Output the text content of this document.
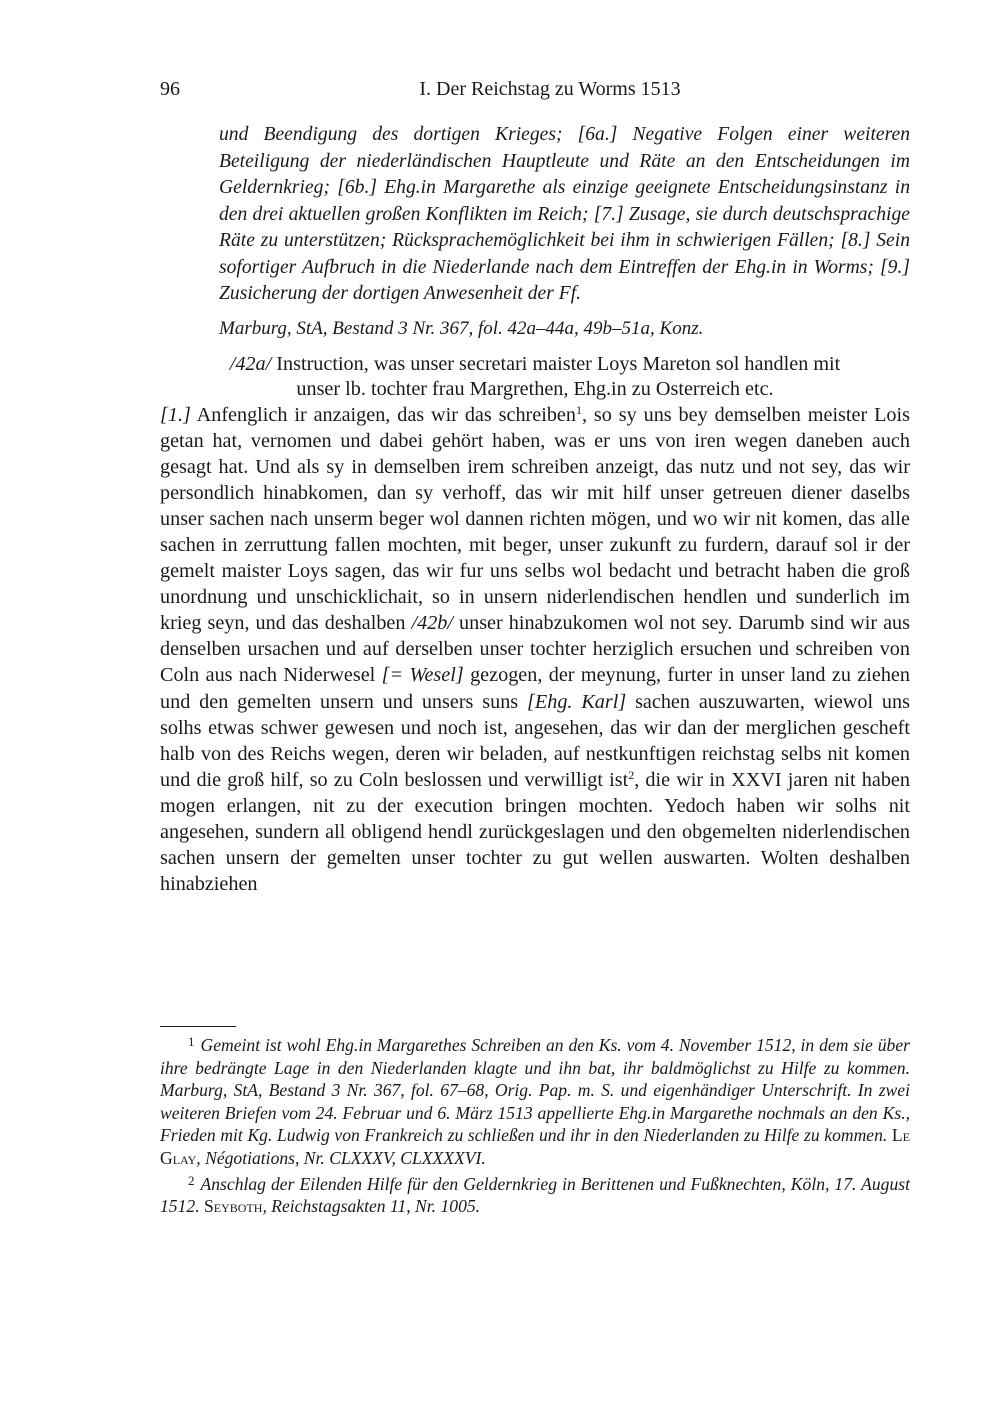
96	I. Der Reichstag zu Worms 1513
und Beendigung des dortigen Krieges; [6a.] Negative Folgen einer weiteren Beteiligung der niederländischen Hauptleute und Räte an den Entscheidungen im Geldernkrieg; [6b.] Ehg.in Margarethe als einzige geeignete Entscheidungsinstanz in den drei aktuellen großen Konflikten im Reich; [7.] Zusage, sie durch deutschsprachige Räte zu unterstützen; Rücksprachemöglichkeit bei ihm in schwierigen Fällen; [8.] Sein sofortiger Aufbruch in die Niederlande nach dem Eintreffen der Ehg.in in Worms; [9.] Zusicherung der dortigen Anwesenheit der Ff.
Marburg, StA, Bestand 3 Nr. 367, fol. 42a–44a, 49b–51a, Konz.
/42a/ Instruction, was unser secretari maister Loys Mareton sol handlen mit
unser lb. tochter frau Margrethen, Ehg.in zu Osterreich etc.
[1.] Anfenglich ir anzaigen, das wir das schreiben$^1$, so sy uns bey demselben meister Lois getan hat, vernomen und dabei gehört haben, was er uns von iren wegen daneben auch gesagt hat. Und als sy in demselben irem schreiben anzeigt, das nutz und not sey, das wir persondlich hinabkomen, dan sy verhoff, das wir mit hilf unser getreuen diener daselbs unser sachen nach unserm beger wol dannen richten mögen, und wo wir nit komen, das alle sachen in zerruttung fallen mochten, mit beger, unser zukunft zu furdern, darauf sol ir der gemelt maister Loys sagen, das wir fur uns selbs wol bedacht und betracht haben die groß unordnung und unschicklichait, so in unsern niderlendischen hendlen und sunderlich im krieg seyn, und das deshalben /42b/ unser hinabzukomen wol not sey. Darumb sind wir aus denselben ursachen und auf derselben unser tochter herziglich ersuchen und schreiben von Coln aus nach Niderwesel [= Wesel] gezogen, der meynung, furter in unser land zu ziehen und den gemelten unsern und unsers suns [Ehg. Karl] sachen auszuwarten, wiewol uns solhs etwas schwer gewesen und noch ist, angesehen, das wir dan der merglichen gescheft halb von des Reichs wegen, deren wir beladen, auf nestkunftigen reichstag selbs nit komen und die groß hilf, so zu Coln beslossen und verwilligt ist$^2$, die wir in XXVI jaren nit haben mogen erlangen, nit zu der execution bringen mochten. Yedoch haben wir solhs nit angesehen, sundern all obligend hendl zurückgeslagen und den obgemelten niderlendischen sachen unsern der gemelten unser tochter zu gut wellen auswarten. Wolten deshalben hinabziehen
$^1$ Gemeint ist wohl Ehg.in Margarethes Schreiben an den Ks. vom 4. November 1512, in dem sie über ihre bedrängte Lage in den Niederlanden klagte und ihn bat, ihr baldmöglichst zu Hilfe zu kommen. Marburg, StA, Bestand 3 Nr. 367, fol. 67–68, Orig. Pap. m. S. und eigenhändiger Unterschrift. In zwei weiteren Briefen vom 24. Februar und 6. März 1513 appellierte Ehg.in Margarethe nochmals an den Ks., Frieden mit Kg. Ludwig von Frankreich zu schließen und ihr in den Niederlanden zu Hilfe zu kommen. Le Glay, Négotiations, Nr. CLXXXV, CLXXXXVI.
$^2$ Anschlag der Eilenden Hilfe für den Geldernkrieg in Berittenen und Fußknechten, Köln, 17. August 1512. Seyboth, Reichstagsakten 11, Nr. 1005.
